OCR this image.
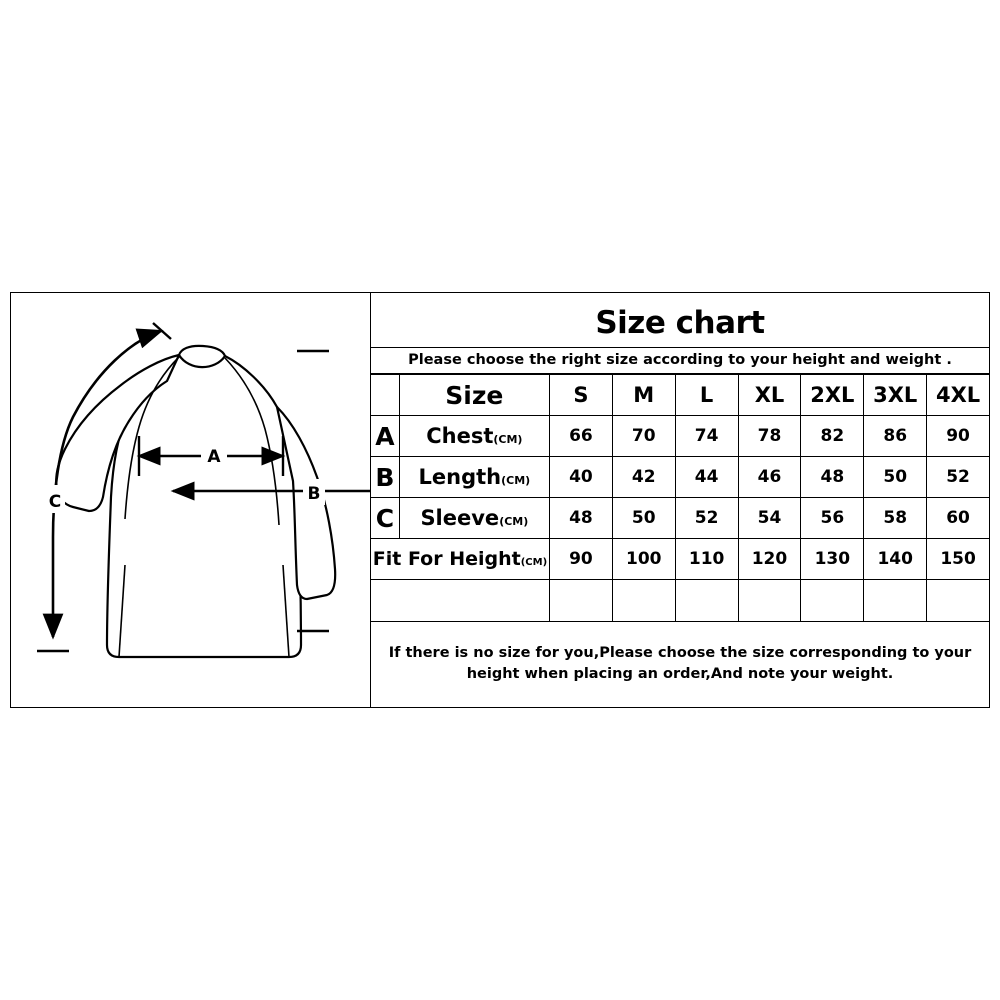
A
B
C
Size chart
Please choose the right size according to your height and weight .
	Size	S	M	L	XL	2XL	3XL	4XL
A	Chest(CM)	66	70	74	78	82	86	90
B	Length(CM)	40	42	44	46	48	50	52
C	Sleeve(CM)	48	50	52	54	56	58	60
Fit For Height(CM)		90	100	110	120	130	140	150

If there is no size for you,Please choose the size corresponding to your height when placing an order,And note your weight.
